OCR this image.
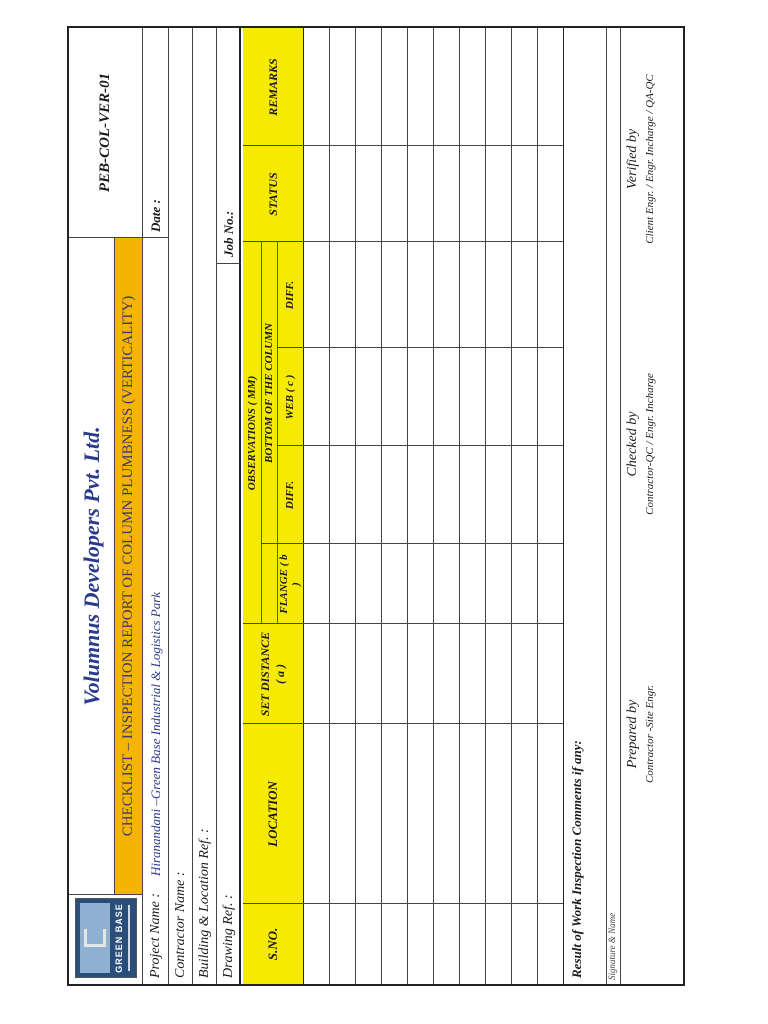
GREEN BASE
Volumnus Developers Pvt. Ltd.
PEB-COL-VER-01
CHECKLIST – INSPECTION REPORT OF COLUMN PLUMBNESS (VERTICALITY)
Project Name :
Hiranandani –Green Base Industrial & Logistics Park
Date :
Contractor Name : Building & Location Ref. : Drawing Ref. :
Job No.:
S.NO.
LOCATION
SET DISTANCE ( a )
OBSERVATIONS ( MM) BOTTOM OF THE COLUMN
FLANGE ( b )
DIFF.
WEB ( c )
DIFF.
STATUS
REMARKS
Result of Work Inspection Comments if any:	Signature & Name
Prepared by Contractor -Site Engr.
Checked by Contractor-QC / Engr. Incharge
Verified by Client Engr. / Engr. Incharge / QA-QC
